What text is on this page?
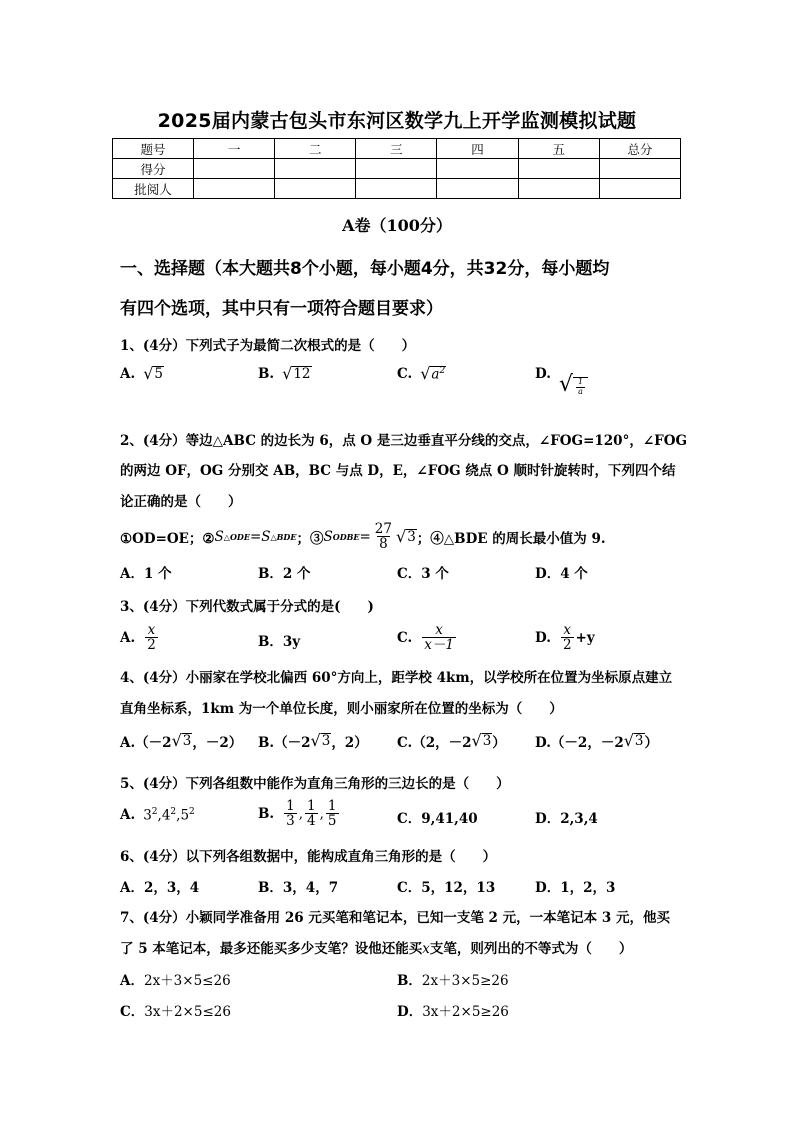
2025届内蒙古包头市东河区数学九上开学监测模拟试题
题号	一	二	三	四	五	总分
得分						
批阅人						
A卷（100分）
一、选择题（本大题共8个小题，每小题4分，共32分，每小题均
有四个选项，其中只有一项符合题目要求）
1、(4分）下列式子为最简二次根式的是（　　）
A. √ 5	B. √ 12	C. √ $a^2$	D. √ $\frac{1}{a}$
2、(4分）等边△ABC 的边长为 6，点 O 是三边垂直平分线的交点，∠FOG=120°，∠FOG
的两边 OF，OG 分别交 AB，BC 与点 D，E，∠FOG 绕点 O 顺时针旋转时，下列四个结
论正确的是（　　）
①OD=OE；② S △ODE = S △BDE ；③ S ODBE = $\frac{27}{8}$ √ 3 ；④△BDE 的周长最小值为 9.
A．1 个	B．2 个	C．3 个	D．4 个
3、(4分）下列代数式属于分式的是(　　)
A. $\frac{x}{2}$	B．3y	C. $\frac{x}{x-1}$	D. $\frac{x}{2} +y$
4、(4分）小丽家在学校北偏西 60°方向上，距学校 4km，以学校所在位置为坐标原点建立
直角坐标系，1km 为一个单位长度，则小丽家所在位置的坐标为（　　）
A.（－2 √ 3 ，－2） B.（－2 √ 3 ，2） C.（2，－2 √ 3 ） D.（－2，－2 √ 3 ）
5、(4分）下列各组数中能作为直角三角形的三边长的是（　　）
A. $3^2,4^2,5^2$	B. $\frac{1}{3}$ , $\frac{1}{4}$ , $\frac{1}{5}$	C．9,41,40	D．2,3,4
6、(4分）以下列各组数据中，能构成直角三角形的是（　　）
A．2，3，4	B．3，4，7	C．5，12，13	D．1，2，3
7、(4分）小颖同学准备用 26 元买笔和笔记本，已知一支笔 2 元，一本笔记本 3 元，他买
了 5 本笔记本，最多还能买多少支笔？设他还能买x支笔，则列出的不等式为（　　）
A． 2x＋3×5≤26	B． 2x＋3×5≥26
C． 3x＋2×5≤26	D． 3x＋2×5≥26
